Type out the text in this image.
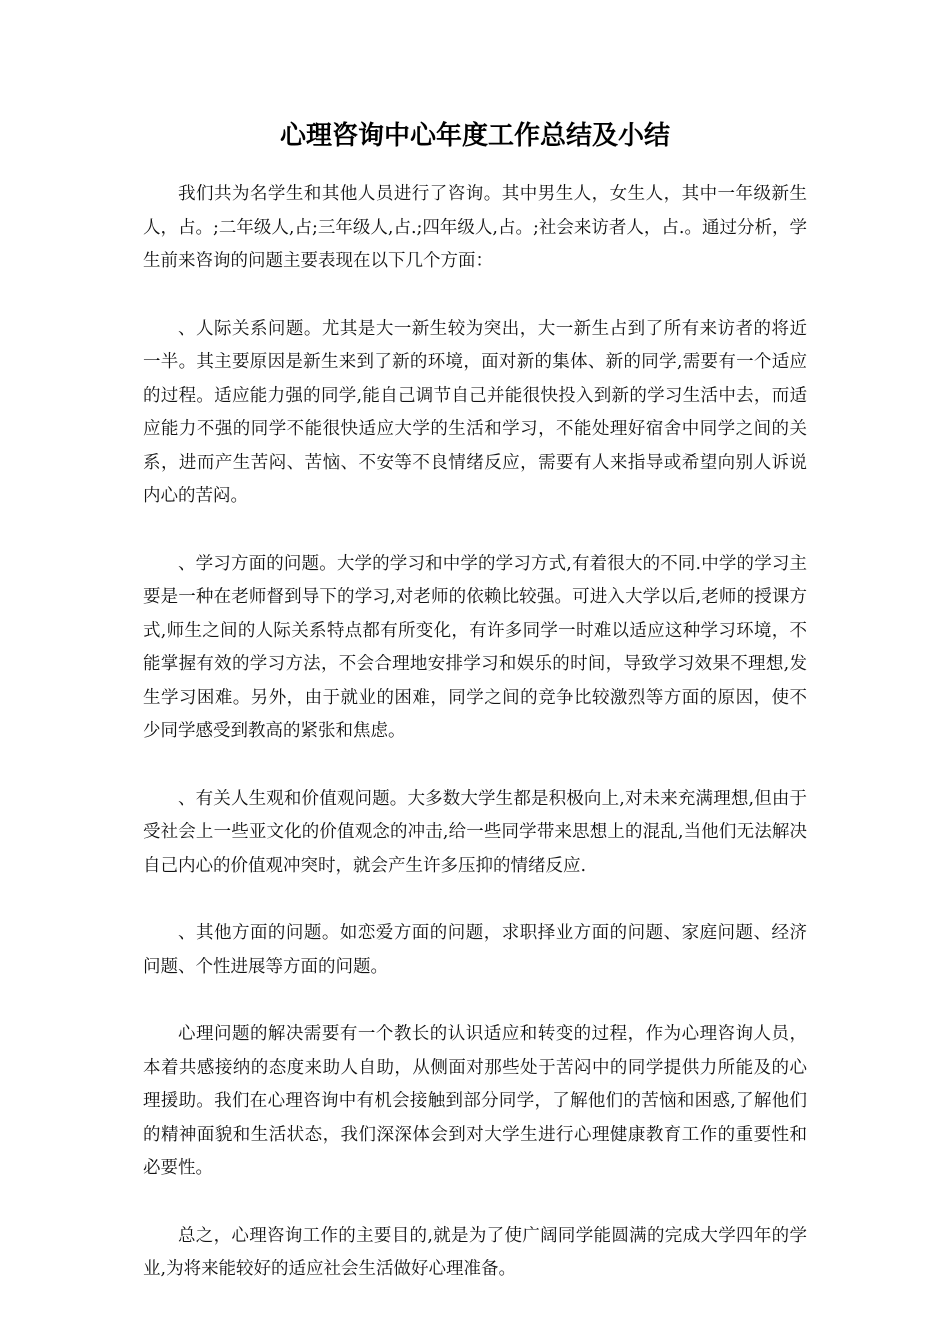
心理咨询中心年度工作总结及小结

我们共为名学生和其他人员进行了咨询。其中男生人，女生人，其中一年级新生人，占。;二年级人,占;三年级人,占.;四年级人,占。;社会来访者人，占.。通过分析，学生前来咨询的问题主要表现在以下几个方面：

、人际关系问题。尤其是大一新生较为突出，大一新生占到了所有来访者的将近一半。其主要原因是新生来到了新的环境，面对新的集体、新的同学,需要有一个适应的过程。适应能力强的同学,能自己调节自己并能很快投入到新的学习生活中去，而适应能力不强的同学不能很快适应大学的生活和学习，不能处理好宿舍中同学之间的关系，进而产生苦闷、苦恼、不安等不良情绪反应，需要有人来指导或希望向别人诉说内心的苦闷。

、学习方面的问题。大学的学习和中学的学习方式,有着很大的不同.中学的学习主要是一种在老师督到导下的学习,对老师的依赖比较强。可进入大学以后,老师的授课方式,师生之间的人际关系特点都有所变化，有许多同学一时难以适应这种学习环境，不能掌握有效的学习方法，不会合理地安排学习和娱乐的时间，导致学习效果不理想,发生学习困难。另外，由于就业的困难，同学之间的竞争比较激烈等方面的原因，使不少同学感受到教高的紧张和焦虑。

、有关人生观和价值观问题。大多数大学生都是积极向上,对未来充满理想,但由于受社会上一些亚文化的价值观念的冲击,给一些同学带来思想上的混乱,当他们无法解决自己内心的价值观冲突时，就会产生许多压抑的情绪反应.

、其他方面的问题。如恋爱方面的问题，求职择业方面的问题、家庭问题、经济问题、个性进展等方面的问题。

心理问题的解决需要有一个教长的认识适应和转变的过程，作为心理咨询人员，本着共感接纳的态度来助人自助，从侧面对那些处于苦闷中的同学提供力所能及的心理援助。我们在心理咨询中有机会接触到部分同学，了解他们的苦恼和困惑,了解他们的精神面貌和生活状态，我们深深体会到对大学生进行心理健康教育工作的重要性和必要性。

总之，心理咨询工作的主要目的,就是为了使广阔同学能圆满的完成大学四年的学业,为将来能较好的适应社会生活做好心理准备。
